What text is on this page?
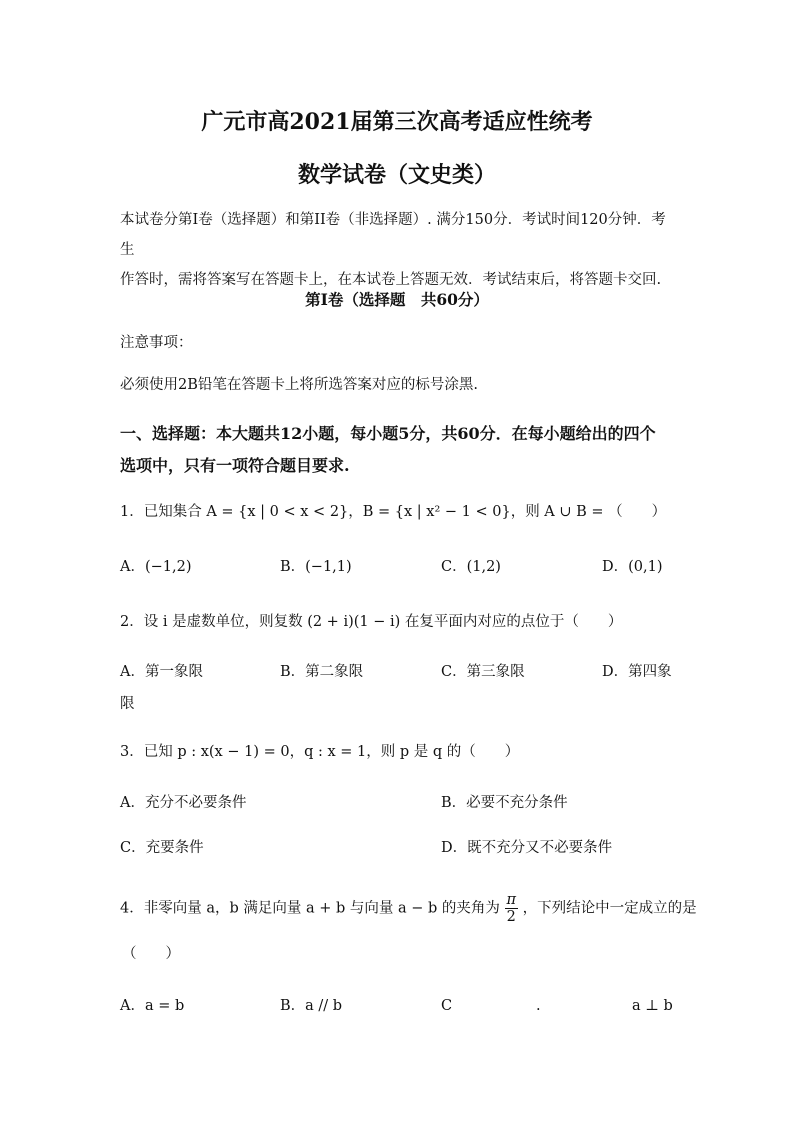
广元市高2021届第三次高考适应性统考
数学试卷（文史类）
本试卷分第I卷（选择题）和第II卷（非选择题）. 满分150分．考试时间120分钟．考生
作答时，需将答案写在答题卡上，在本试卷上答题无效．考试结束后，将答题卡交回.
第I卷（选择题　共60分）
注意事项：
必须使用2B铅笔在答题卡上将所选答案对应的标号涂黑.
一、选择题：本大题共12小题，每小题5分，共60分．在每小题给出的四个
选项中，只有一项符合题目要求.
1．已知集合 A = {x | 0 < x < 2}，B = {x | x² − 1 < 0}，则 A ∪ B = （　　）
A．(−1,2)	B．(−1,1)	C．(1,2)	D．(0,1)
2．设 i 是虚数单位，则复数 (2 + i)(1 − i) 在复平面内对应的点位于（　　）
A．第一象限	B．第二象限	C．第三象限	D．第四象
限
3．已知 p : x(x − 1) = 0，q : x = 1，则 p 是 q 的（　　）
A．充分不必要条件	B．必要不充分条件
C．充要条件	D．既不充分又不必要条件
4．非零向量 a，b 满足向量 a + b 与向量 a − b 的夹角为 $\frac{\pi}{2}$ ，下列结论中一定成立的是
（　　）
A．a = b	B．a // b	C	.	a ⊥ b
